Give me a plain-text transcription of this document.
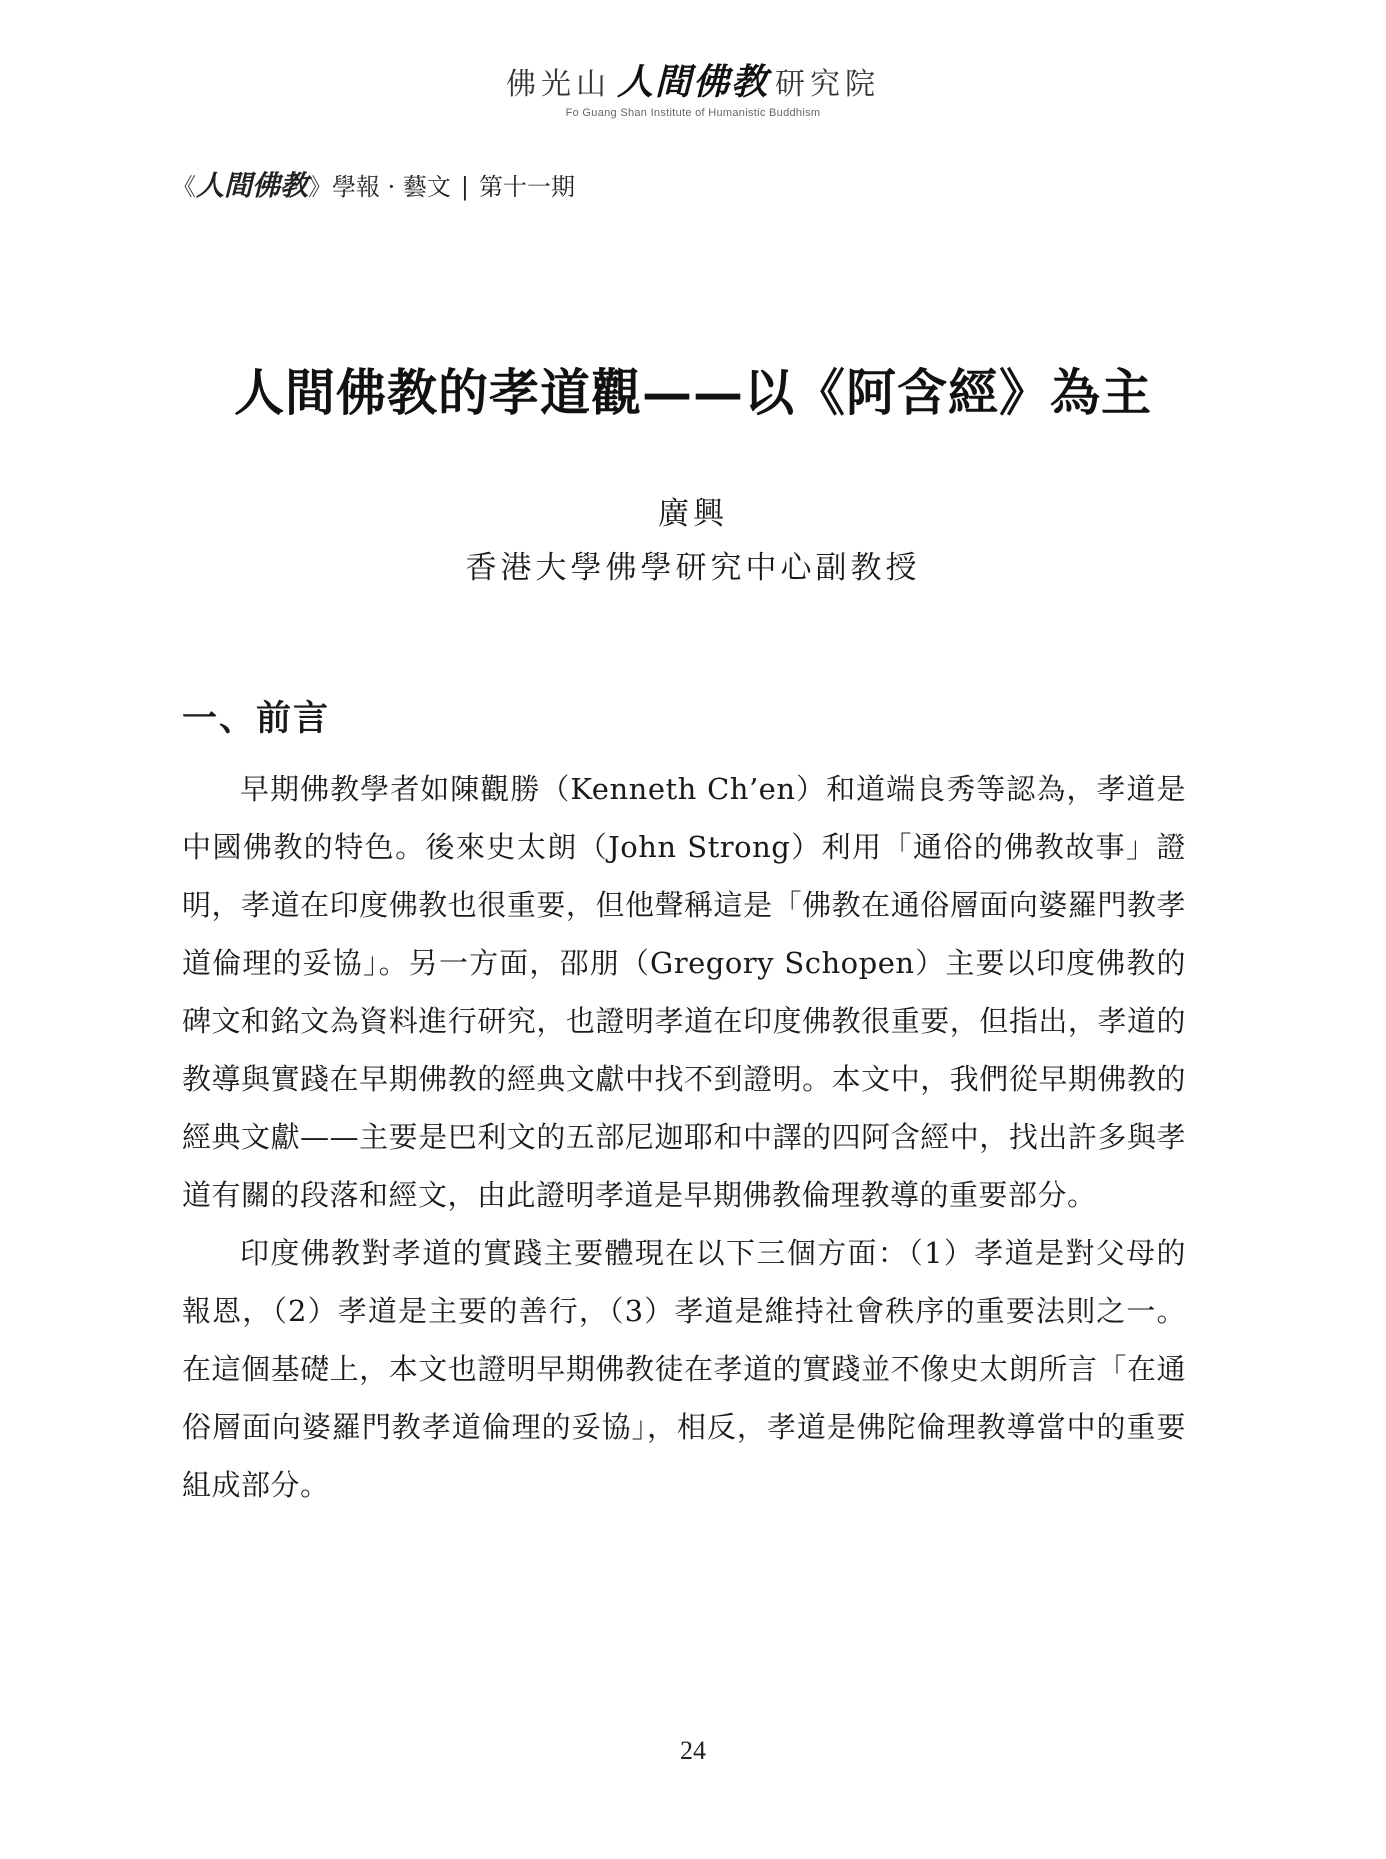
佛光山 人間佛教 研究院
Fo Guang Shan Institute of Humanistic Buddhism
《人間佛教》學報 · 藝文 | 第十一期
人間佛教的孝道觀——以《阿含經》為主
廣興
香港大學佛學研究中心副教授
一、前言

早期佛教學者如陳觀勝（Kenneth Ch’en）和道端良秀等認為，孝道是中國佛教的特色。後來史太朗（John Strong）利用「通俗的佛教故事」證明，孝道在印度佛教也很重要，但他聲稱這是「佛教在通俗層面向婆羅門教孝道倫理的妥協」。另一方面，邵朋（Gregory Schopen）主要以印度佛教的碑文和銘文為資料進行研究，也證明孝道在印度佛教很重要，但指出，孝道的教導與實踐在早期佛教的經典文獻中找不到證明。本文中，我們從早期佛教的經典文獻——主要是巴利文的五部尼迦耶和中譯的四阿含經中，找出許多與孝道有關的段落和經文，由此證明孝道是早期佛教倫理教導的重要部分。

印度佛教對孝道的實踐主要體現在以下三個方面：（1）孝道是對父母的報恩，（2）孝道是主要的善行，（3）孝道是維持社會秩序的重要法則之一。在這個基礎上，本文也證明早期佛教徒在孝道的實踐並不像史太朗所言「在通俗層面向婆羅門教孝道倫理的妥協」，相反，孝道是佛陀倫理教導當中的重要組成部分。

24
